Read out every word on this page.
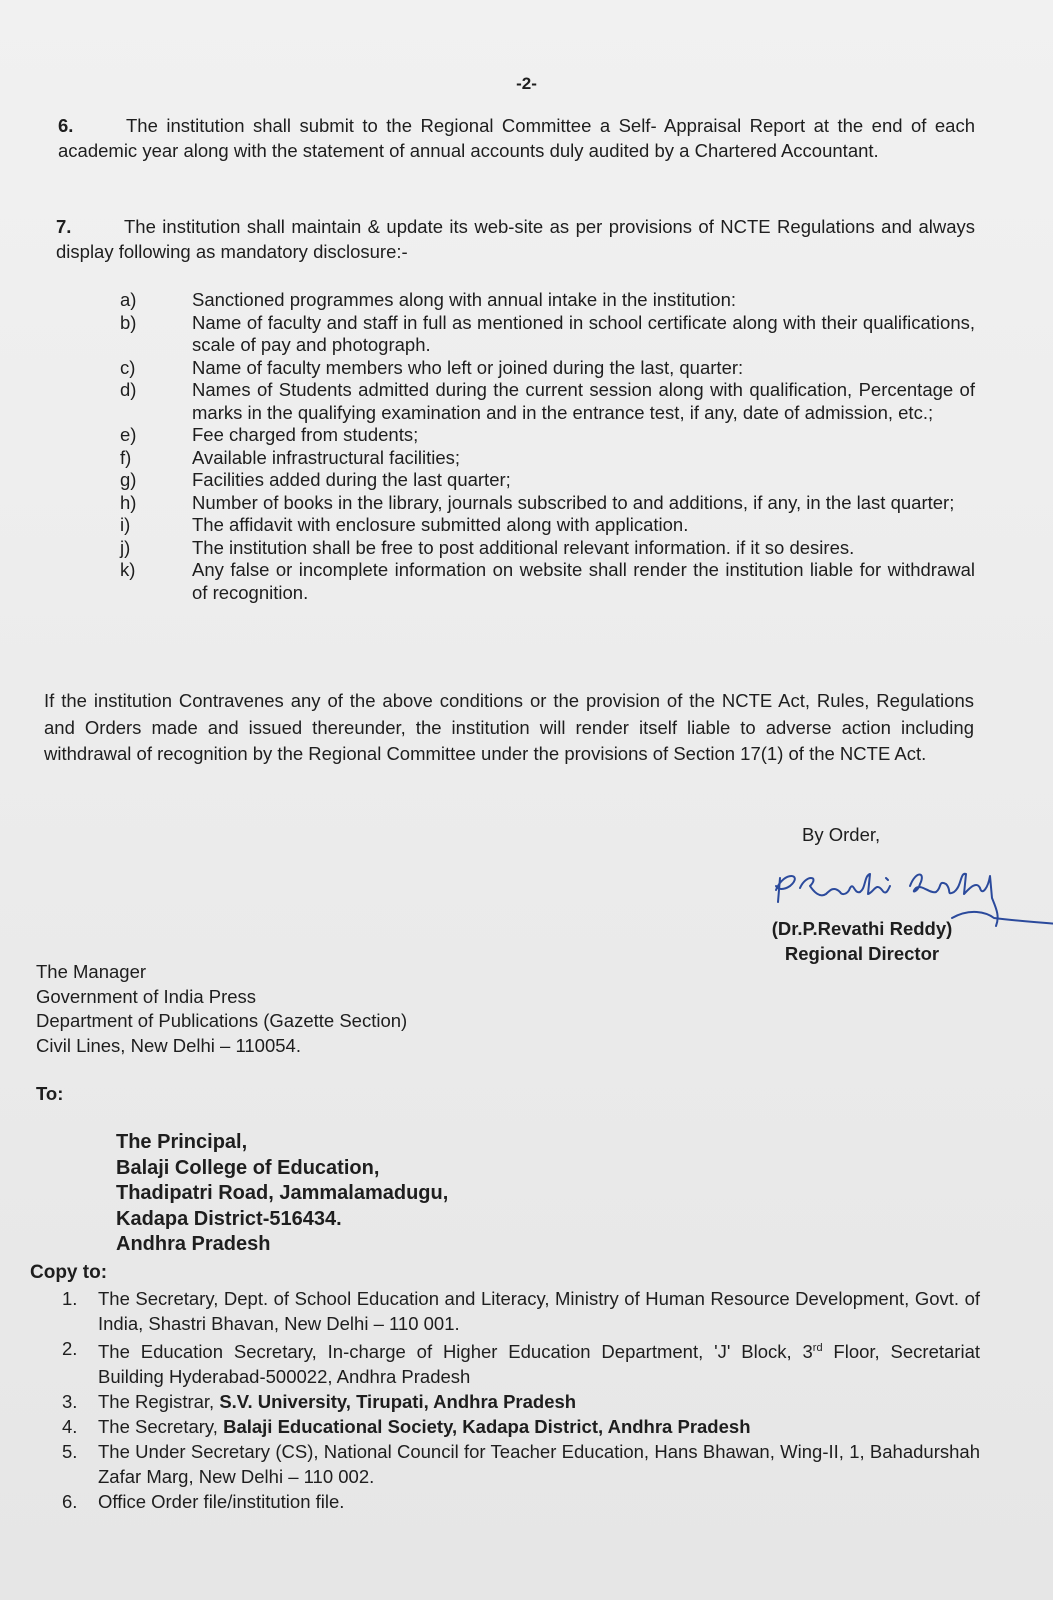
-2-
6.	The institution shall submit to the Regional Committee a Self- Appraisal Report at the end of each academic year along with the statement of annual accounts duly audited by a Chartered Accountant.
7.	The institution shall maintain & update its web-site as per provisions of NCTE Regulations and always display following as mandatory disclosure:-
a)	Sanctioned programmes along with annual intake in the institution:
b)	Name of faculty and staff in full as mentioned in school certificate along with their qualifications, scale of pay and photograph.
c)	Name of faculty members who left or joined during the last, quarter:
d)	Names of Students admitted during the current session along with qualification, Percentage of marks in the qualifying examination and in the entrance test, if any, date of admission, etc.;
e)	Fee charged from students;
f)	Available infrastructural facilities;
g)	Facilities added during the last quarter;
h)	Number of books in the library, journals subscribed to and additions, if any, in the last quarter;
i)	The affidavit with enclosure submitted along with application.
j)	The institution shall be free to post additional relevant information. if it so desires.
k)	Any false or incomplete information on website shall render the institution liable for withdrawal of recognition.
If the institution Contravenes any of the above conditions or the provision of the NCTE Act, Rules, Regulations and Orders made and issued thereunder, the institution will render itself liable to adverse action including withdrawal of recognition by the Regional Committee under the provisions of Section 17(1) of the NCTE Act.
By Order,
(Dr.P.Revathi Reddy)
Regional Director
The Manager
Government of India Press
Department of Publications (Gazette Section)
Civil Lines, New Delhi – 110054.
To:
The Principal,
Balaji College of Education,
Thadipatri Road, Jammalamadugu,
Kadapa District-516434.
Andhra Pradesh
Copy to:
1.	The Secretary, Dept. of School Education and Literacy, Ministry of Human Resource Development, Govt. of India, Shastri Bhavan, New Delhi – 110 001.
2.	The Education Secretary, In-charge of Higher Education Department, 'J' Block, 3rd Floor, Secretariat Building Hyderabad-500022, Andhra Pradesh
3.	The Registrar, S.V. University, Tirupati, Andhra Pradesh
4.	The Secretary, Balaji Educational Society, Kadapa District, Andhra Pradesh
5.	The Under Secretary (CS), National Council for Teacher Education, Hans Bhawan, Wing-II, 1, Bahadurshah Zafar Marg, New Delhi – 110 002.
6.	Office Order file/institution file.
